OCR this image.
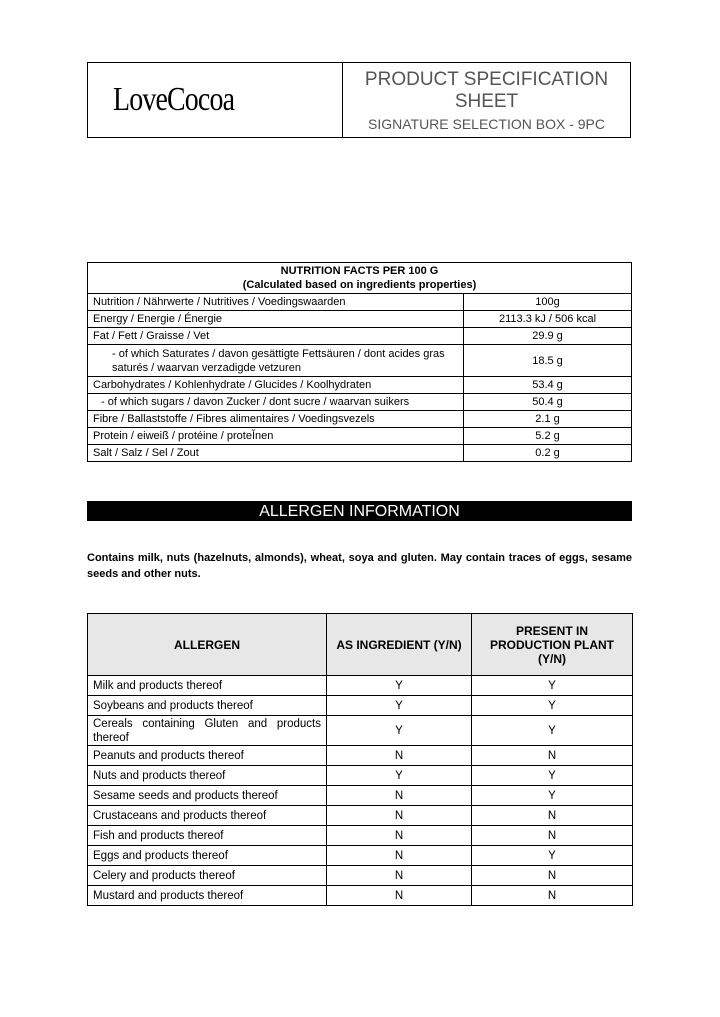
LoveCocoa
PRODUCT SPECIFICATION SHEET
SIGNATURE SELECTION BOX - 9PC
NUTRITION FACTS PER 100 G
(Calculated based on ingredients properties)	

Nutrition / Nährwerte / Nutritives / Voedingswaarden	100g
Energy / Energie / Énergie	2113.3 kJ / 506 kcal
Fat / Fett / Graisse / Vet	29.9 g
- of which Saturates / davon gesättigte Fettsäuren / dont acides gras saturés / waarvan verzadigde vetzuren	18.5 g
Carbohydrates / Kohlenhydrate / Glucides / Koolhydraten	53.4 g
- of which sugars / davon Zucker / dont sucre / waarvan suikers	50.4 g
Fibre / Ballaststoffe / Fibres alimentaires / Voedingsvezels	2.1 g
Protein / eiweiß / protéine / proteĬnen	5.2 g
Salt / Salz / Sel / Zout	0.2 g
ALLERGEN INFORMATION
Contains milk, nuts (hazelnuts, almonds), wheat, soya and gluten. May contain traces of eggs, sesame seeds and other nuts.
ALLERGEN	AS INGREDIENT (Y/N)	PRESENT IN PRODUCTION PLANT (Y/N)
Milk and products thereof	Y	Y
Soybeans and products thereof	Y	Y
Cereals containing Gluten and products thereof	Y	Y
Peanuts and products thereof	N	N
Nuts and products thereof	Y	Y
Sesame seeds and products thereof	N	Y
Crustaceans and products thereof	N	N
Fish and products thereof	N	N
Eggs and products thereof	N	Y
Celery and products thereof	N	N
Mustard and products thereof	N	N
